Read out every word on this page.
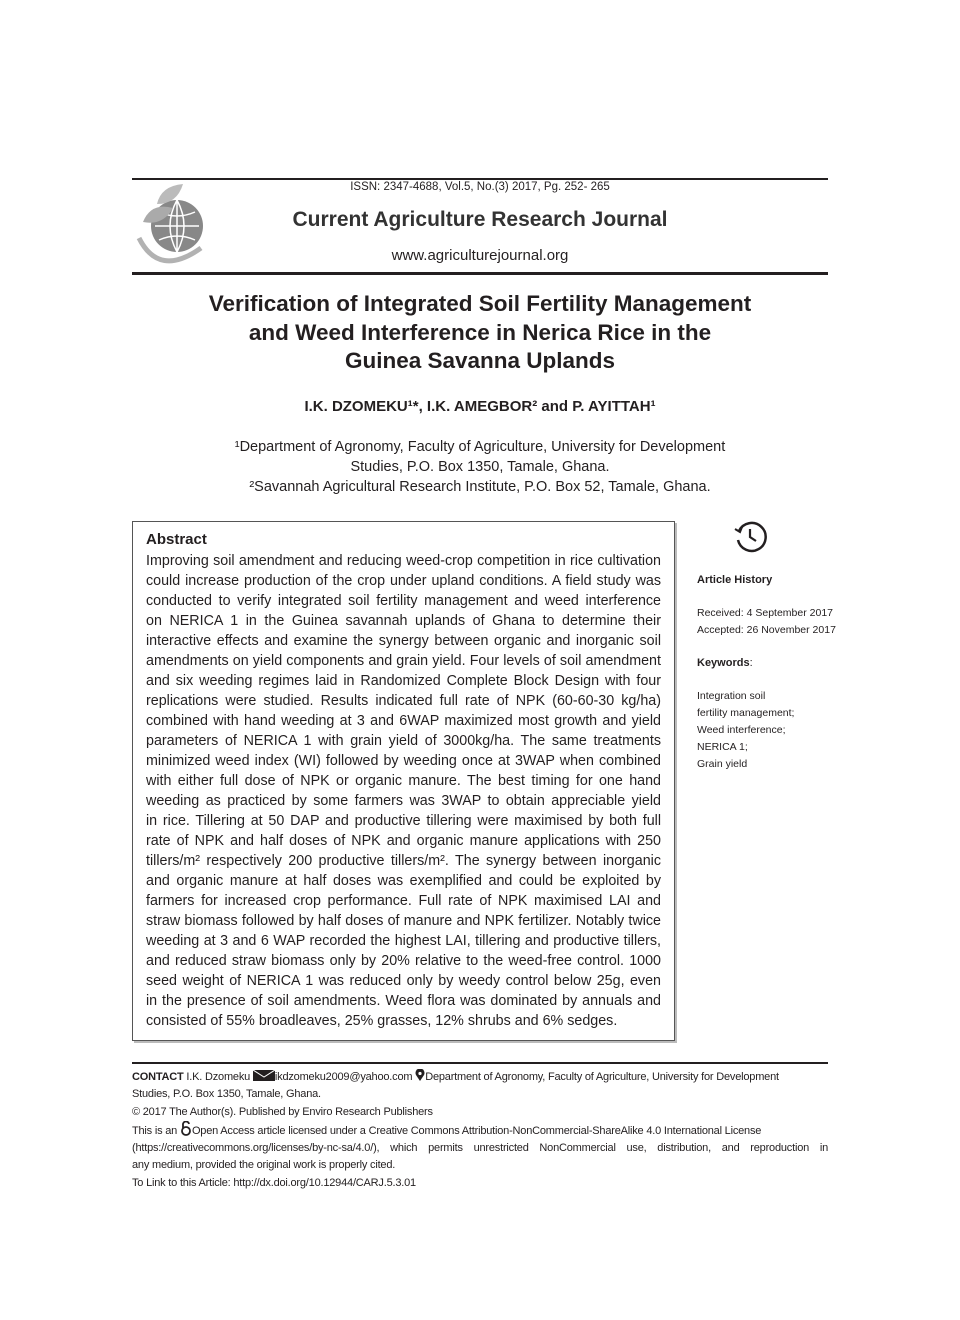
ISSN: 2347-4688, Vol.5, No.(3) 2017, Pg. 252- 265
Current Agriculture Research Journal
www.agriculturejournal.org
Verification of Integrated Soil Fertility Management
and Weed Interference in Nerica Rice in the
Guinea Savanna Uplands
I.K. DZOMEKU¹*, I.K. AMEGBOR² and P. AYITTAH¹
¹Department of Agronomy, Faculty of Agriculture, University for Development
Studies, P.O. Box 1350, Tamale, Ghana.
²Savannah Agricultural Research Institute, P.O. Box 52, Tamale, Ghana.
Abstract
Improving soil amendment and reducing weed-crop competition in rice cultivation
could increase production of the crop under upland conditions. A field study was
conducted to verify integrated soil fertility management and weed interference
on NERICA 1 in the Guinea savannah uplands of Ghana to determine their
interactive effects and examine the synergy between organic and inorganic soil
amendments on yield components and grain yield. Four levels of soil amendment
and six weeding regimes laid in Randomized Complete Block Design with four
replications were studied. Results indicated full rate of NPK (60-60-30 kg/ha)
combined with hand weeding at 3 and 6WAP maximized most growth and yield
parameters of NERICA 1 with grain yield of 3000kg/ha. The same treatments
minimized weed index (WI) followed by weeding once at 3WAP when combined
with either full dose of NPK or organic manure. The best timing for one hand
weeding as practiced by some farmers was 3WAP to obtain appreciable yield
in rice. Tillering at 50 DAP and productive tillering were maximised by both full
rate of NPK and half doses of NPK and organic manure applications with 250
tillers/m² respectively 200 productive tillers/m². The synergy between inorganic
and organic manure at half doses was exemplified and could be exploited by
farmers for increased crop performance. Full rate of NPK maximised LAI and
straw biomass followed by half doses of manure and NPK fertilizer. Notably twice
weeding at 3 and 6 WAP recorded the highest LAI, tillering and productive tillers,
and reduced straw biomass only by 20% relative to the weed-free control. 1000
seed weight of NERICA 1 was reduced only by weedy control below 25g, even
in the presence of soil amendments. Weed flora was dominated by annuals and
consisted of 55% broadleaves, 25% grasses, 12% shrubs and 6% sedges.
Article History
Received: 4 September 2017
Accepted: 26 November 2017
Keywords:
Integration soil
fertility management;
Weed interference;
NERICA 1;
Grain yield
CONTACT I.K. Dzomeku ikdzomeku2009@yahoo.com Department of Agronomy, Faculty of Agriculture, University for Development
Studies, P.O. Box 1350, Tamale, Ghana.
© 2017 The Author(s). Published by Enviro Research Publishers
This is an Open Access article licensed under a Creative Commons Attribution-NonCommercial-ShareAlike 4.0 International License
(https://creativecommons.org/licenses/by-nc-sa/4.0/), which permits unrestricted NonCommercial use, distribution, and reproduction in
any medium, provided the original work is properly cited.
To Link to this Article: http://dx.doi.org/10.12944/CARJ.5.3.01
